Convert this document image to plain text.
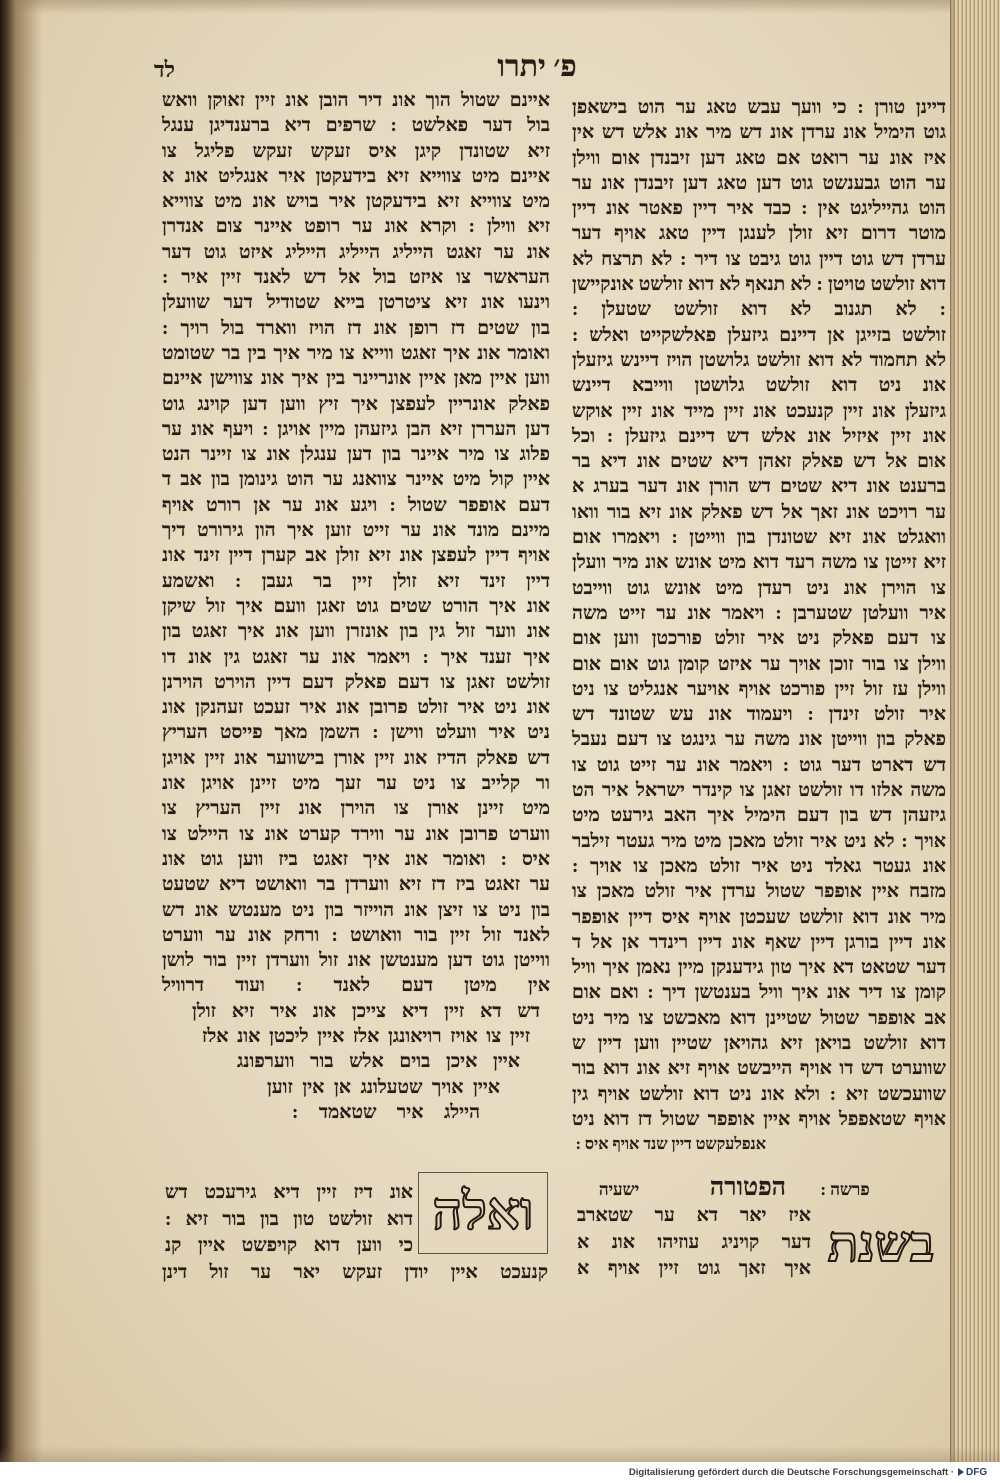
לד	פ׳ יתרו
דיינן טורן : כי וועך עבש טאג ער הוט בישאפן
גוט הימיל אונ ערדן אונ דש מיר אונ אלש דש אין
איז אונ ער רואט אם טאג דען זיבנדן אום ווילן
ער הוט גבענשט גוט דען טאג דען זיבנדן אונ ער
הוט גהייליגט אין : כבד איר דיין פאטר אונ דיין
מוטר דרום זיא זולן לענגן דיין טאג אויף דער
ערדן דש גוט דיין גוט גיבט צו דיר : לא תרצח לא
דוא זולשט טויטן : לא תנאף לא דוא זולשט אונקיישן
: לא תגנוב לא דוא זולשט שטעלן :
זולשט בזייגן אן דיינם גיזעלן פאלשקייט ואלש :
לא תחמוד לא דוא זולשט גלושטן הויז דיינש גיזעלן
אונ ניט דוא זולשט גלושטן ווייבא דיינש
גיזעלן אונ זיין קנעכט אונ זיין מייד אונ זיין אוקש
אונ זיין איזיל אונ אלש דש דיינם גיזעלן : וכל
אום אל דש פאלק זאהן דיא שטים אונ דיא בר
ברענט אונ דיא שטים דש הורן אונ דער בערג א
ער רויכט אונ זאך אל דש פאלק אונ זיא בור וואו
וואגלט אונ זיא שטונדן בון ווייטן : ויאמרו אום
זיא זייטן צו משה רעד דוא מיט אונש אונ מיר וועלן
צו הוירן אונ ניט רעדן מיט אונש גוט ווייבט
איר וועלטן שטערבן : ויאמר אונ ער זייט משה
צו דעם פאלק ניט איר זולט פורכטן ווען אום
ווילן צו בור זוכן אויך ער איזט קומן גוט אום אום
ווילן עז זול זיין פורכט אויף אויער אנגליט צו ניט
איר זולט זינדן : ויעמוד אונ עש שטונד דש
פאלק בון ווייטן אונ משה ער גינגט צו דעם נעבל
דש דארט דער גוט : ויאמר אונ ער זייט גוט צו
משה אלזו דו זולשט זאגן צו קינדר ישראל איר הט
גיזעהן דש בון דעם הימיל איך האב גירעט מיט
אויך : לא ניט איר זולט מאכן מיט מיר געטר זילבר
אונ געטר גאלד ניט איר זולט מאכן צו אויך :
מזבח איין אופפר שטול ערדן איר זולט מאכן צו
מיר אונ דוא זולשט שעכטן אויף איס דיין אופפר
אונ דיין בורגן דיין שאף אונ דיין רינדר אן אל ד
דער שטאט דא איך טון גידענקן מיין נאמן איך וויל
קומן צו דיר אונ איך וויל בענטשן דיך : ואם אום
אב אופפר שטול שטיינן דוא מאכשט צו מיר ניט
דוא זולשט בויאן זיא גהויאן שטיין ווען דיין ש
שווערט דש דו אויף הייבשט אויף זיא אונ דוא בור
שוועכשט זיא : ולא אונ ניט דוא זולשט אויף גין
אויף שטאפפל אויף איין אופפר שטול דז דוא ניט
אנפלעקשט דיין שנד אויף איס :
איינם שטול הוך אונ דיר הובן אונ זיין זאוקן וואש
בול דער פאלשט : שרפים דיא ברענדיגן ענגל
זיא שטונדן קיגן איס זעקש זעקש פליגל צו
איינם מיט צווייא זיא בידעקטן איר אנגליט אונ א
מיט צווייא זיא בידעקטן איר בויש אונ מיט צווייא
זיא ווילן : וקרא אונ ער רופט איינר צום אנדרן
אונ ער זאגט הייליג הייליג הייליג איזט גוט דער
העראשר צו איזט בול אל דש לאנד זיין איר :
וינעו אונ זיא ציטרטן בייא שטודיל דער שוועלן
בון שטים דז רופן אונ דז הויז ווארד בול רויך :
ואומר אונ איך זאגט ווייא צו מיר איך בין בר שטומט
ווען איין מאן איין אונריינר בין איך אונ צווישן איינם
פאלק אונריין לעפצן איך זיץ ווען דען קוינג גוט
דען העררן זיא הבן גיזעהן מיין אויגן : ויעף אונ ער
פלוג צו מיר איינר בון דען ענגלן אונ צו זיינר הנט
איין קול מיט איינר צוואנג ער הוט גינומן בון אב ד
דעם אופפר שטול : ויגע אונ ער אן רורט אויף
מיינם מונד אונ ער זייט זוען איך הון גירורט דיך
אויף דיין לעפצן אונ זיא זולן אב קערן דיין זינד אונ
דיין זינד זיא זולן זיין בר געבן : ואשמע
אונ איך הורט שטים גוט זאגן וועם איך זול שיקן
אונ ווער זול גין בון אונזרן ווען אונ איך זאגט בון
איך זענד איך : ויאמר אונ ער זאגט גין אונ דו
זולשט זאגן צו דעם פאלק דעם דיין הוירט הוירנן
אונ ניט איר זולט פרובן אונ איר זעכט זעהנקן אונ
ניט איר וועלט ווישן : השמן מאך פייסט העריץ
דש פאלק הדיז אונ זיין אורן בישווער אונ זיין אויגן
ור קלייב צו ניט ער זעך מיט זיינן אויגן אונ
מיט זיינן אורן צו הוירן אונ זיין העריץ צו
ווערט פרובן אונ ער ווירד קערט אונ צו היילט צו
איס : ואומר אונ איך זאגט ביז ווען גוט אונ
ער זאגט ביז דז זיא ווערדן בר וואושט דיא שטעט
בון ניט צו זיצן אונ הוייזר בון ניט מענטש אונ דש
לאנד זול זיין בור וואושט : ורחק אונ ער ווערט
ווייטן גוט דען מענטשן אונ זול ווערדן זיין בור לושן
אין מיטן דעם לאנד : ועוד דרוויל
דש דא זיין דיא צייכן אונ איר זיא זולן
זיין צו אויז רויאונגן אלז איין ליכטן אונ אלז
איין איכן בוים אלש בור ווערפונג
איין אויך שטעלונג אן אין זוען
היילג איר שטאמד :
ישעיה	הפטורה	פרשה :
בשנת
איז יאר דא ער שטארב
דער קויניג עוזיהו אונ א
איך זאך גוט זיין אויף א
ואלה
אונ דיז זיין דיא גירעכט דש
דוא זולשט טון בון בור זיא :
כי ווען דוא קויפשט איין קנ
קנעכט איין יודן זעקש יאר ער זול דינן
Digitalisierung gefördert durch die Deutsche Forschungsgemeinschaft ·	DFG
